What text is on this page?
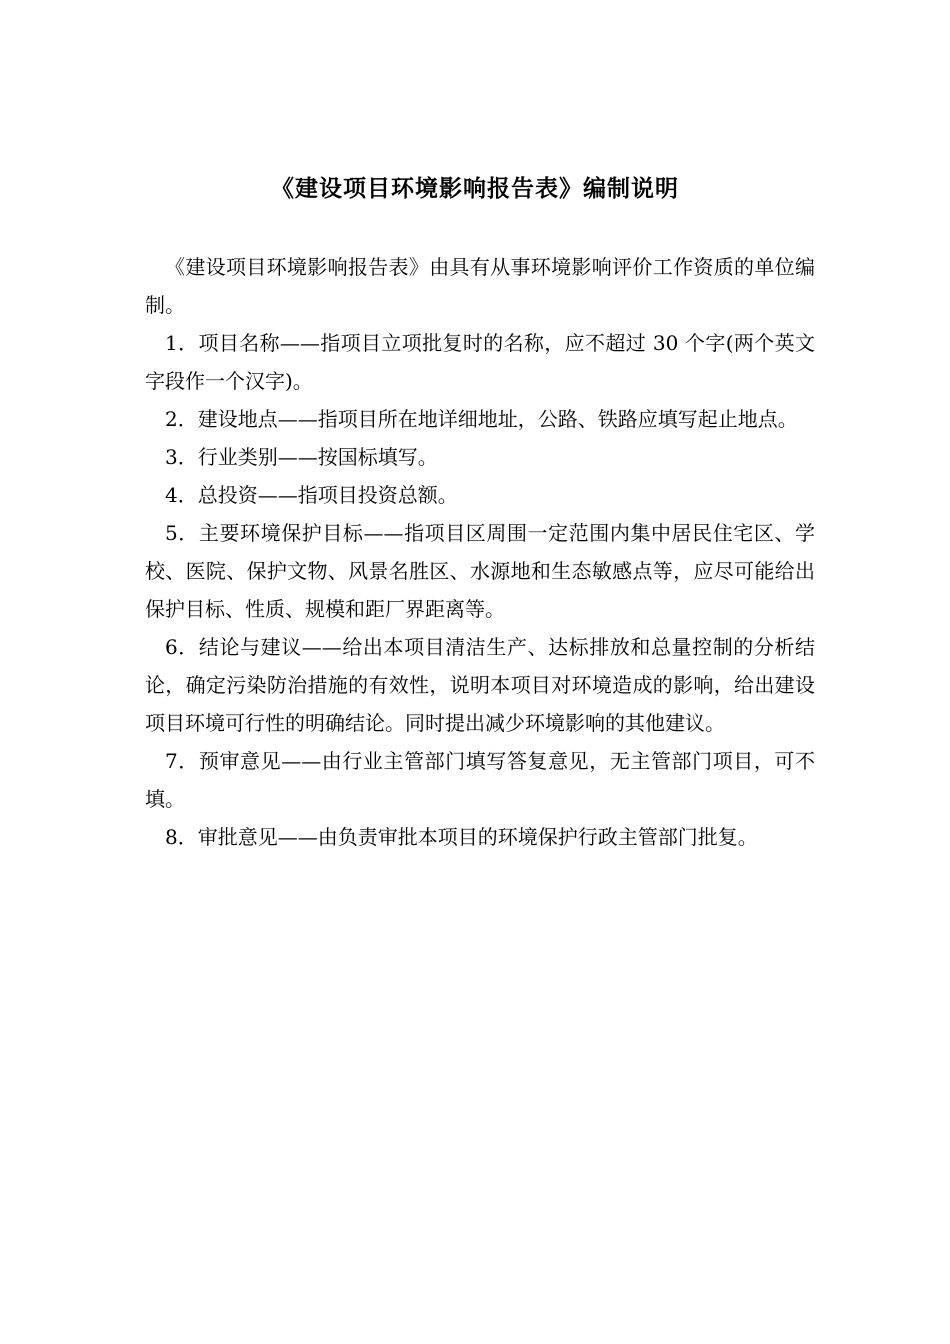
《建设项目环境影响报告表》编制说明

《建设项目环境影响报告表》由具有从事环境影响评价工作资质的单位编制。

1．项目名称——指项目立项批复时的名称，应不超过 30 个字(两个英文字段作一个汉字)。

2．建设地点——指项目所在地详细地址，公路、铁路应填写起止地点。

3．行业类别——按国标填写。

4．总投资——指项目投资总额。

5．主要环境保护目标——指项目区周围一定范围内集中居民住宅区、学校、医院、保护文物、风景名胜区、水源地和生态敏感点等，应尽可能给出保护目标、性质、规模和距厂界距离等。

6．结论与建议——给出本项目清洁生产、达标排放和总量控制的分析结论，确定污染防治措施的有效性，说明本项目对环境造成的影响，给出建设项目环境可行性的明确结论。同时提出减少环境影响的其他建议。

7．预审意见——由行业主管部门填写答复意见，无主管部门项目，可不填。

8．审批意见——由负责审批本项目的环境保护行政主管部门批复。
